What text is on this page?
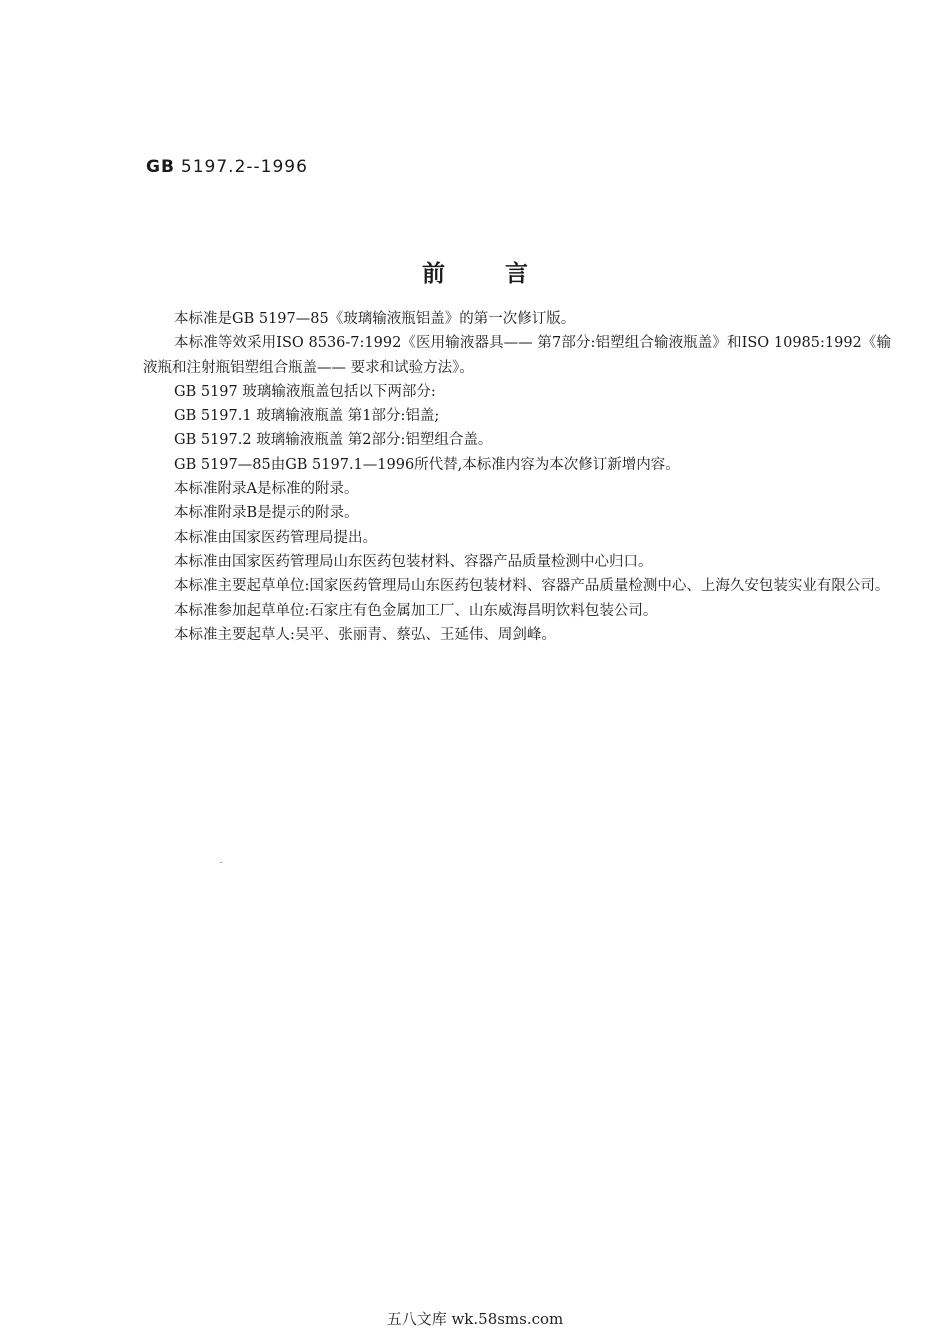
GB 5197.2--1996
前言

本标准是GB 5197—85《玻璃输液瓶铝盖》的第一次修订版。

本标准等效采用ISO 8536-7:1992《医用输液器具—— 第7部分:铝塑组合输液瓶盖》和ISO 10985:1992《输液瓶和注射瓶铝塑组合瓶盖—— 要求和试验方法》。

GB 5197 玻璃输液瓶盖包括以下两部分:

GB 5197.1 玻璃输液瓶盖 第1部分:铝盖;

GB 5197.2 玻璃输液瓶盖 第2部分:铝塑组合盖。

GB 5197—85由GB 5197.1—1996所代替,本标准内容为本次修订新增内容。

本标准附录A是标准的附录。

本标准附录B是提示的附录。

本标准由国家医药管理局提出。

本标准由国家医药管理局山东医药包装材料、容器产品质量检测中心归口。

本标准主要起草单位:国家医药管理局山东医药包装材料、容器产品质量检测中心、上海久安包装实业有限公司。

本标准参加起草单位:石家庄有色金属加工厂、山东威海昌明饮料包装公司。

本标准主要起草人:吴平、张丽青、蔡弘、王延伟、周剑峰。

五八文库 wk.58sms.com
